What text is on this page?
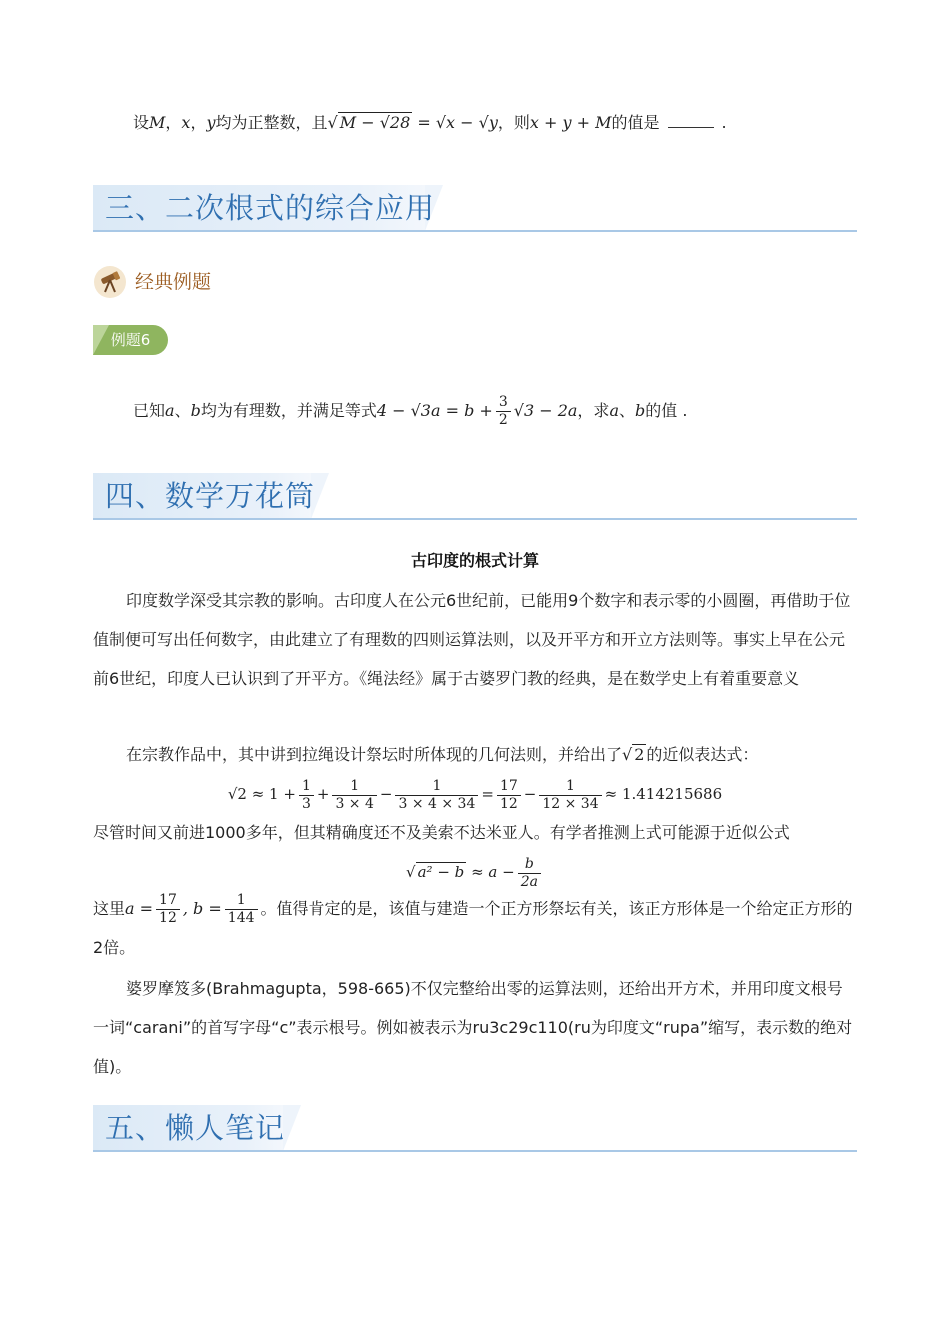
设M，x，y均为正整数，且√ M − √28 = √x − √y，则x + y + M的值是	.
三、二次根式的综合应用
经典例题
例题6
已知a、b均为有理数，并满足等式$4 - √3a = b + \frac{3}{2} √3 - 2a$，求a、b的值 .
四、数学万花筒
古印度的根式计算
印度数学深受其宗教的影响。古印度人在公元6世纪前，已能用9个数字和表示零的小圆圈，再借助于位值制便可写出任何数字，由此建立了有理数的四则运算法则，以及开平方和开立方法则等。事实上早在公元前6世纪，印度人已认识到了开平方。《绳法经》属于古婆罗门教的经典，是在数学史上有着重要意义
在宗教作品中，其中讲到拉绳设计祭坛时所体现的几何法则，并给出了√ 2 的近似表达式：
$√2 \approx 1 + \frac{1}{3} + \frac{1}{3 \times 4} - \frac{1}{3 \times 4 \times 34} = \frac{17}{12} - \frac{1}{12 \times 34} \approx 1.414215686$
尽管时间又前进1000多年，但其精确度还不及美索不达米亚人。有学者推测上式可能源于近似公式
√ $a^2 - b \approx a - \frac{b}{2a}$
这里$a = \frac{17}{12}$ , $b = \frac{1}{144}$ 。值得肯定的是，该值与建造一个正方形祭坛有关，该正方形体是一个给定正方形的2倍。
婆罗摩笈多(Brahmagupta，598-665)不仅完整给出零的运算法则，还给出开方术，并用印度文根号一词“carani”的首写字母“c”表示根号。例如被表示为ru3c29c110(ru为印度文“rupa”缩写，表示数的绝对值)。
五、懒人笔记
